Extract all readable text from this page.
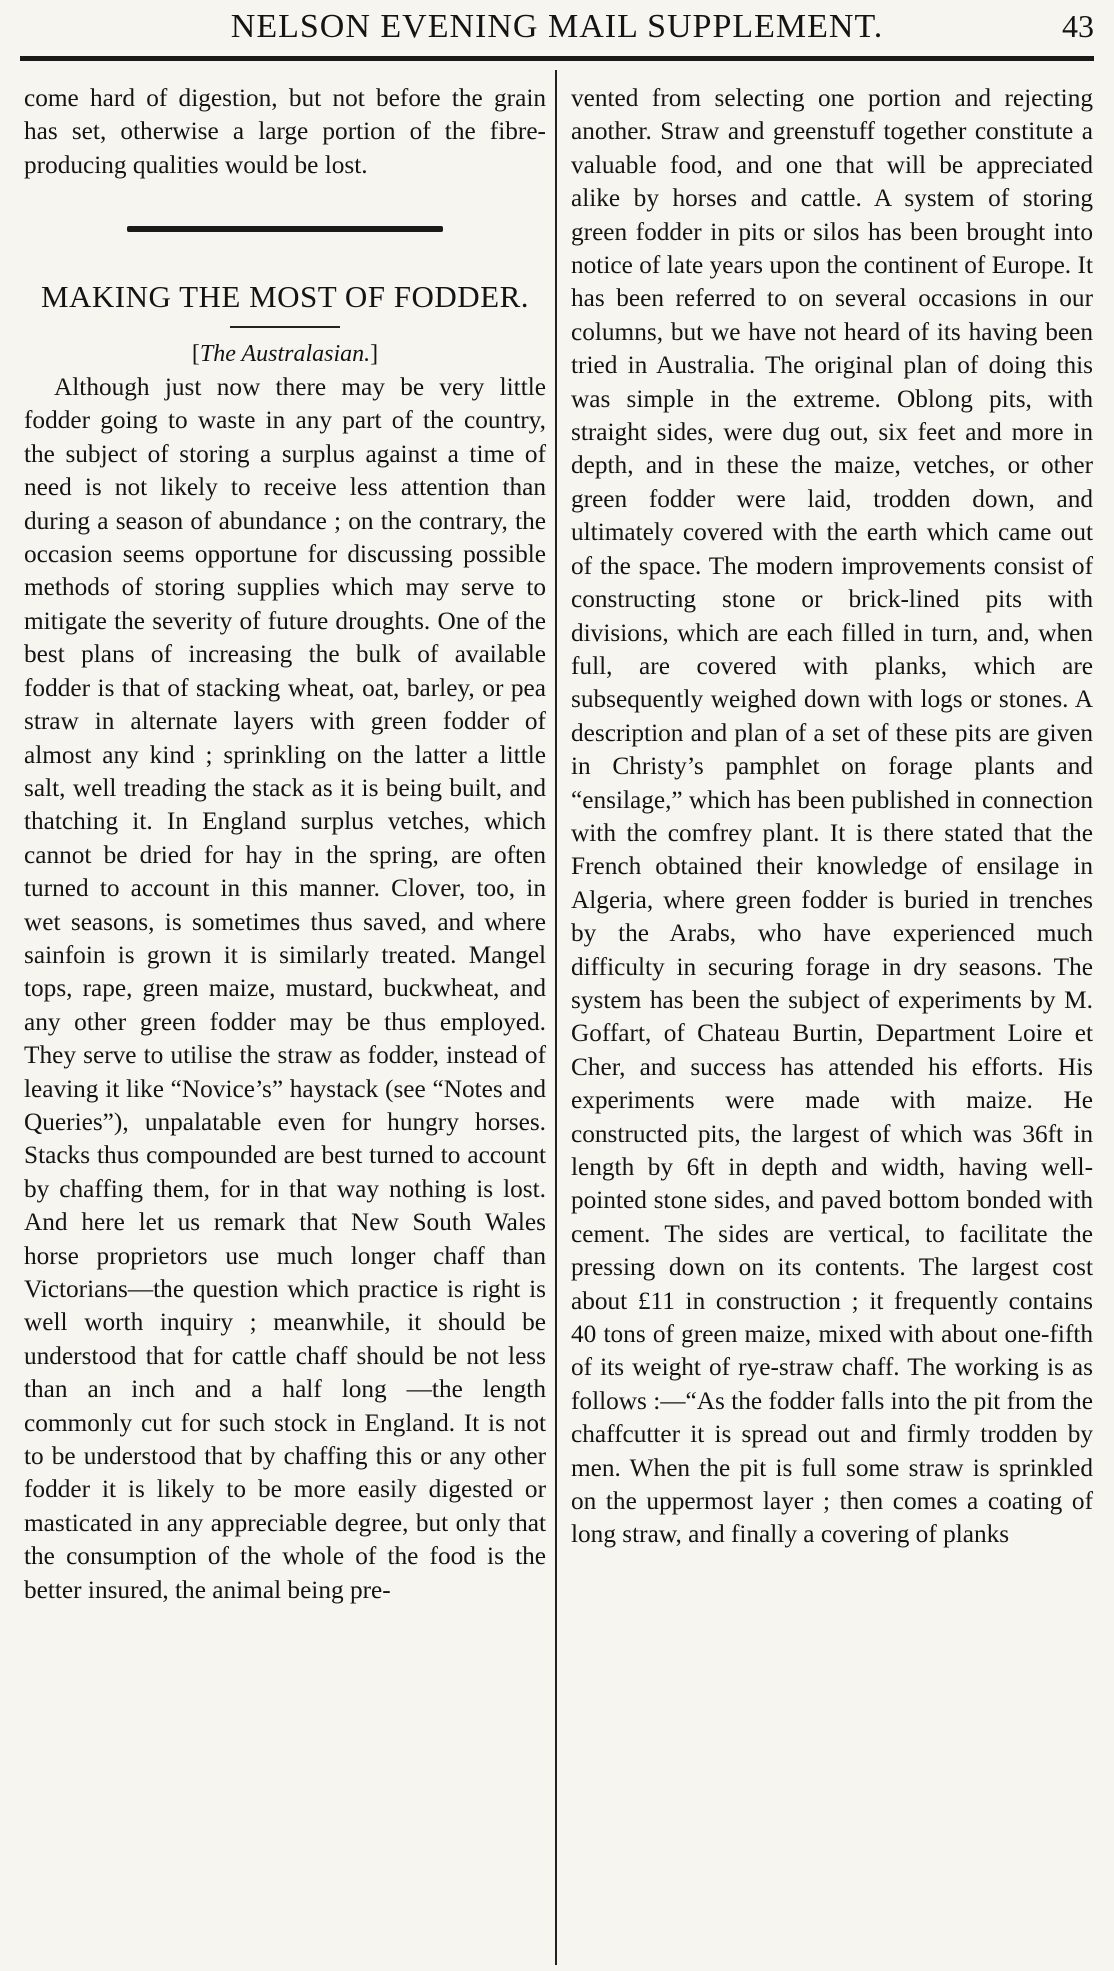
NELSON EVENING MAIL SUPPLEMENT.	43

come hard of digestion, but not before the grain has set, otherwise a large portion of the fibre-producing qualities would be lost.

MAKING THE MOST OF FODDER.

[The Australasian.]

Although just now there may be very little fodder going to waste in any part of the country, the subject of storing a surplus against a time of need is not likely to receive less attention than during a season of abundance ; on the contrary, the occasion seems opportune for discussing possible methods of storing supplies which may serve to mitigate the severity of future droughts. One of the best plans of increasing the bulk of available fodder is that of stacking wheat, oat, barley, or pea straw in alternate layers with green fodder of almost any kind ; sprinkling on the latter a little salt, well treading the stack as it is being built, and thatching it. In England surplus vetches, which cannot be dried for hay in the spring, are often turned to account in this manner. Clover, too, in wet seasons, is sometimes thus saved, and where sainfoin is grown it is similarly treated. Mangel tops, rape, green maize, mustard, buckwheat, and any other green fodder may be thus employed. They serve to utilise the straw as fodder, instead of leaving it like “Novice’s” haystack (see “Notes and Queries”), unpalatable even for hungry horses. Stacks thus compounded are best turned to account by chaffing them, for in that way nothing is lost. And here let us remark that New South Wales horse proprietors use much longer chaff than Victorians—the question which practice is right is well worth inquiry ; meanwhile, it should be understood that for cattle chaff should be not less than an inch and a half long —the length commonly cut for such stock in England. It is not to be understood that by chaffing this or any other fodder it is likely to be more easily digested or masticated in any appreciable degree, but only that the consumption of the whole of the food is the better insured, the animal being pre-

vented from selecting one portion and rejecting another. Straw and greenstuff together constitute a valuable food, and one that will be appreciated alike by horses and cattle. A system of storing green fodder in pits or silos has been brought into notice of late years upon the continent of Europe. It has been referred to on several occasions in our columns, but we have not heard of its having been tried in Australia. The original plan of doing this was simple in the extreme. Oblong pits, with straight sides, were dug out, six feet and more in depth, and in these the maize, vetches, or other green fodder were laid, trodden down, and ultimately covered with the earth which came out of the space. The modern improvements consist of constructing stone or brick-lined pits with divisions, which are each filled in turn, and, when full, are covered with planks, which are subsequently weighed down with logs or stones. A description and plan of a set of these pits are given in Christy’s pamphlet on forage plants and “ensilage,” which has been published in connection with the comfrey plant. It is there stated that the French obtained their knowledge of ensilage in Algeria, where green fodder is buried in trenches by the Arabs, who have experienced much difficulty in securing forage in dry seasons. The system has been the subject of experiments by M. Goffart, of Chateau Burtin, Department Loire et Cher, and success has attended his efforts. His experiments were made with maize. He constructed pits, the largest of which was 36ft in length by 6ft in depth and width, having well-pointed stone sides, and paved bottom bonded with cement. The sides are vertical, to facilitate the pressing down on its contents. The largest cost about £11 in construction ; it frequently contains 40 tons of green maize, mixed with about one-fifth of its weight of rye-straw chaff. The working is as follows :—“As the fodder falls into the pit from the chaffcutter it is spread out and firmly trodden by men. When the pit is full some straw is sprinkled on the uppermost layer ; then comes a coating of long straw, and finally a covering of planks
